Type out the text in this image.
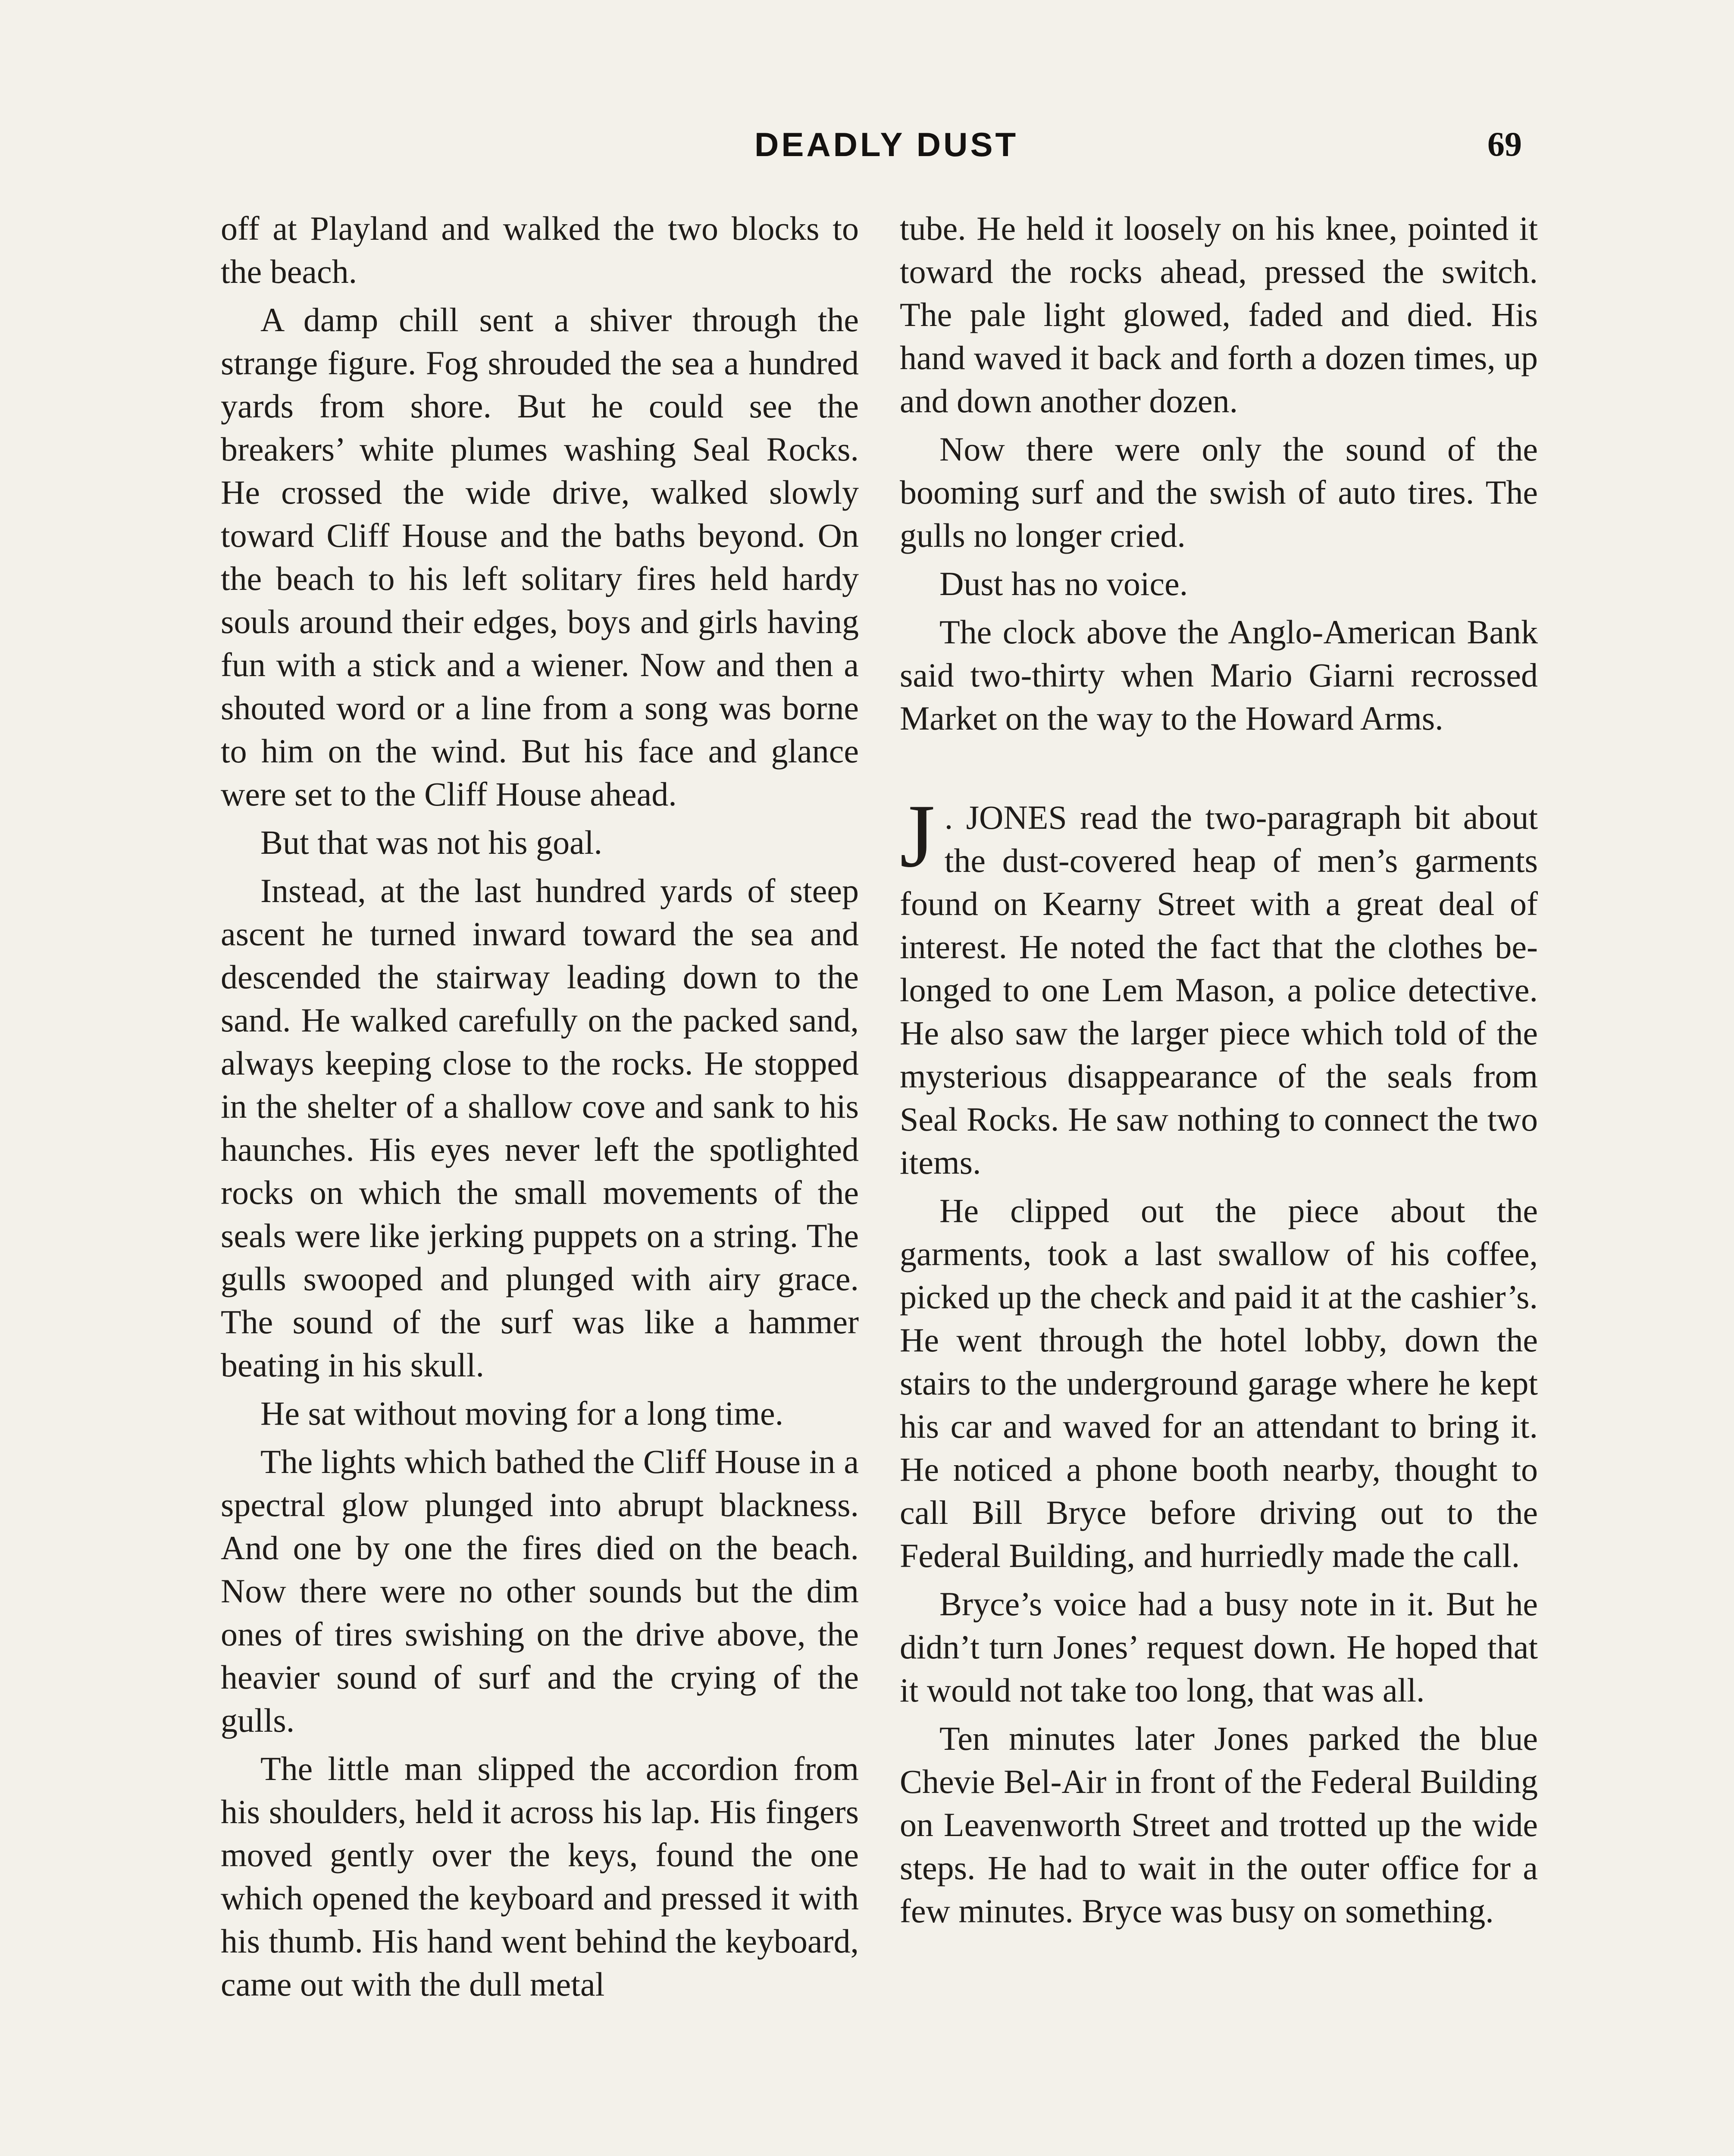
DEADLY DUST	69

off at Playland and walked the two blocks to the beach.

A damp chill sent a shiver through the strange figure. Fog shrouded the sea a hundred yards from shore. But he could see the breakers’ white plumes washing Seal Rocks. He crossed the wide drive, walked slowly toward Cliff House and the baths beyond. On the beach to his left solitary fires held hardy souls around their edges, boys and girls having fun with a stick and a wiener. Now and then a shouted word or a line from a song was borne to him on the wind. But his face and glance were set to the Cliff House ahead.

But that was not his goal.

Instead, at the last hundred yards of steep ascent he turned inward toward the sea and descended the stairway leading down to the sand. He walked carefully on the packed sand, always keeping close to the rocks. He stopped in the shelter of a shallow cove and sank to his haunches. His eyes never left the spotlighted rocks on which the small movements of the seals were like jerking puppets on a string. The gulls swooped and plunged with airy grace. The sound of the surf was like a hammer beating in his skull.

He sat without moving for a long time.

The lights which bathed the Cliff House in a spectral glow plunged into abrupt blackness. And one by one the fires died on the beach. Now there were no other sounds but the dim ones of tires swishing on the drive above, the heavier sound of surf and the crying of the gulls.

The little man slipped the accordion from his shoulders, held it across his lap. His fingers moved gently over the keys, found the one which opened the keyboard and pressed it with his thumb. His hand went behind the keyboard, came out with the dull metal

tube. He held it loosely on his knee, pointed it toward the rocks ahead, pressed the switch. The pale light glowed, faded and died. His hand waved it back and forth a dozen times, up and down another dozen.

Now there were only the sound of the booming surf and the swish of auto tires. The gulls no longer cried.

Dust has no voice.

The clock above the Anglo-American Bank said two-thirty when Mario Giarni recrossed Market on the way to the Howard Arms.

J . JONES read the two-paragraph bit about the dust-covered heap of men’s garments found on Kearny Street with a great deal of interest. He noted the fact that the clothes belonged to one Lem Mason, a police detective. He also saw the larger piece which told of the mysterious disappearance of the seals from Seal Rocks. He saw nothing to connect the two items.

He clipped out the piece about the garments, took a last swallow of his coffee, picked up the check and paid it at the cashier’s. He went through the hotel lobby, down the stairs to the underground garage where he kept his car and waved for an attendant to bring it. He noticed a phone booth nearby, thought to call Bill Bryce before driving out to the Federal Building, and hurriedly made the call.

Bryce’s voice had a busy note in it. But he didn’t turn Jones’ request down. He hoped that it would not take too long, that was all.

Ten minutes later Jones parked the blue Chevie Bel-Air in front of the Federal Building on Leavenworth Street and trotted up the wide steps. He had to wait in the outer office for a few minutes. Bryce was busy on something.
